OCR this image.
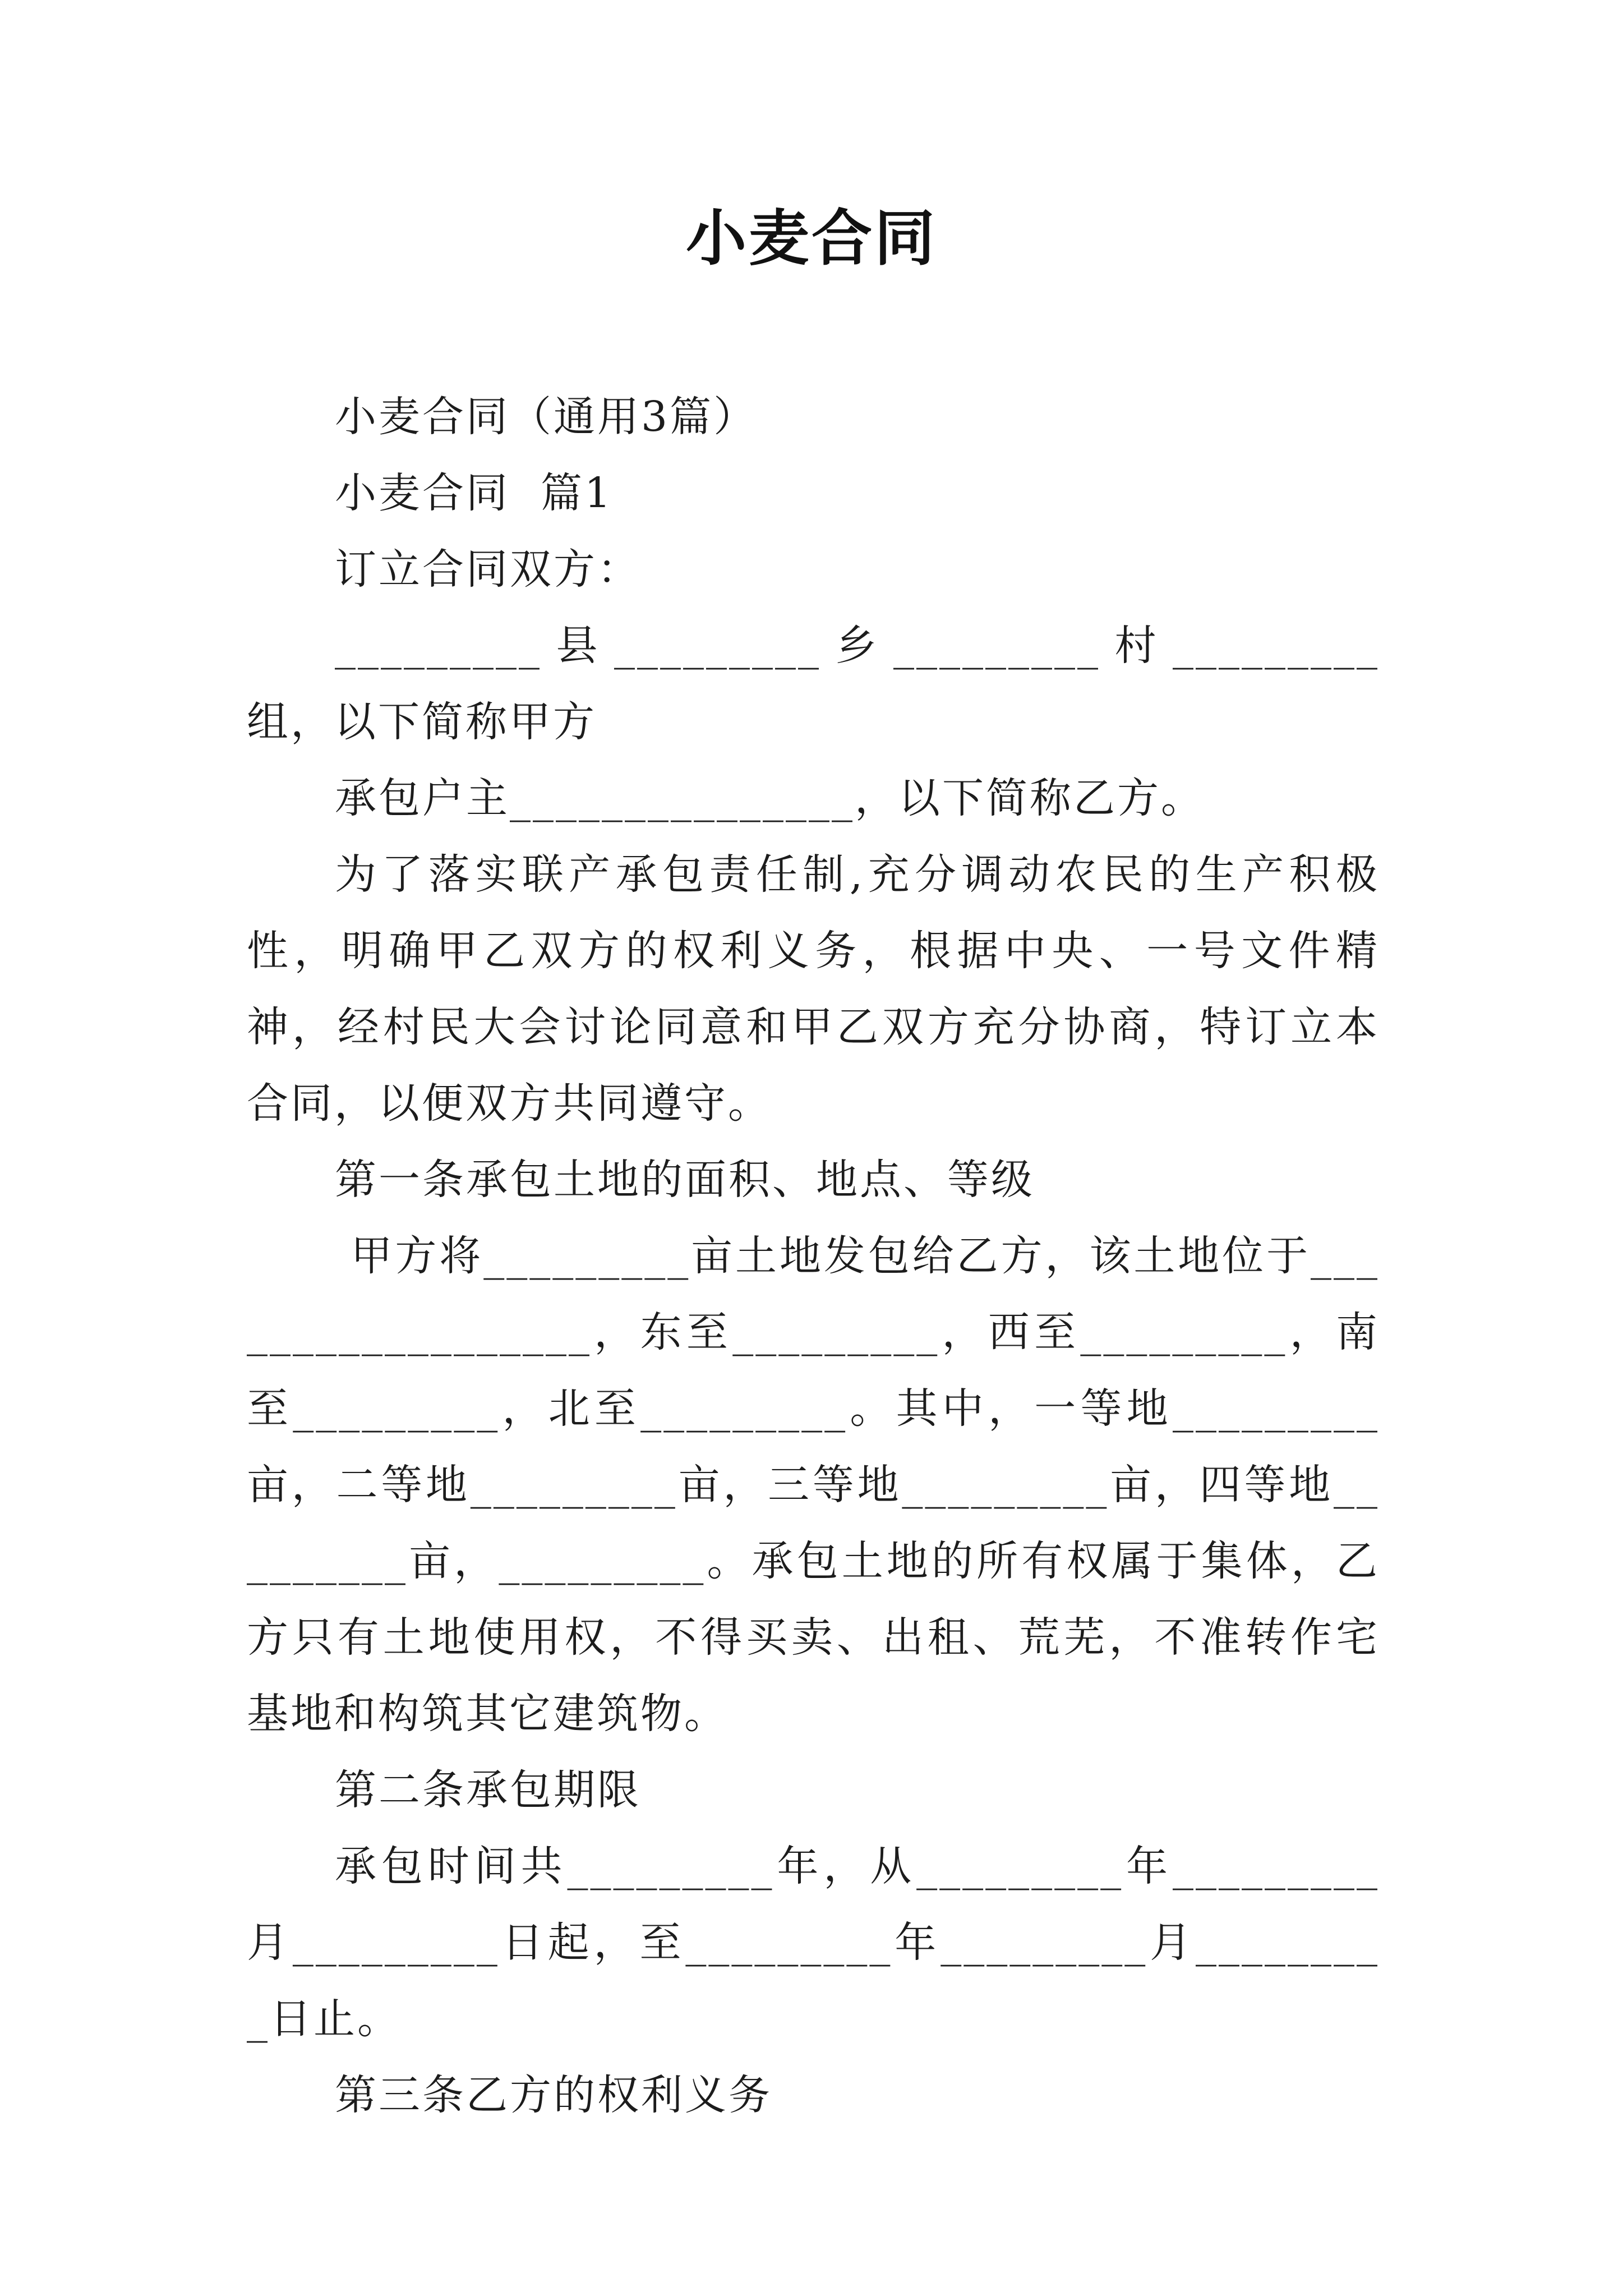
小麦合同

小麦合同（通用3篇）

小麦合同  篇1

订立合同双方：

_________县_________乡_________村_________组，以下简称甲方

承包户主_______________，以下简称乙方。

为了落实联产承包责任制,充分调动农民的生产积极性，明确甲乙双方的权利义务，根据中央、一号文件精神，经村民大会讨论同意和甲乙双方充分协商，特订立本合同，以便双方共同遵守。

第一条承包土地的面积、地点、等级

甲方将_________亩土地发包给乙方，该土地位于__________________，东至_________，西至_________，南至_________，北至_________。其中，一等地_________亩，二等地_________亩，三等地_________亩，四等地_________亩，_________。承包土地的所有权属于集体，乙方只有土地使用权，不得买卖、出租、荒芜，不准转作宅基地和构筑其它建筑物。

第二条承包期限

承包时间共_________年，从_________年_________月_________日起，至_________年_________月_________日止。

第三条乙方的权利义务
